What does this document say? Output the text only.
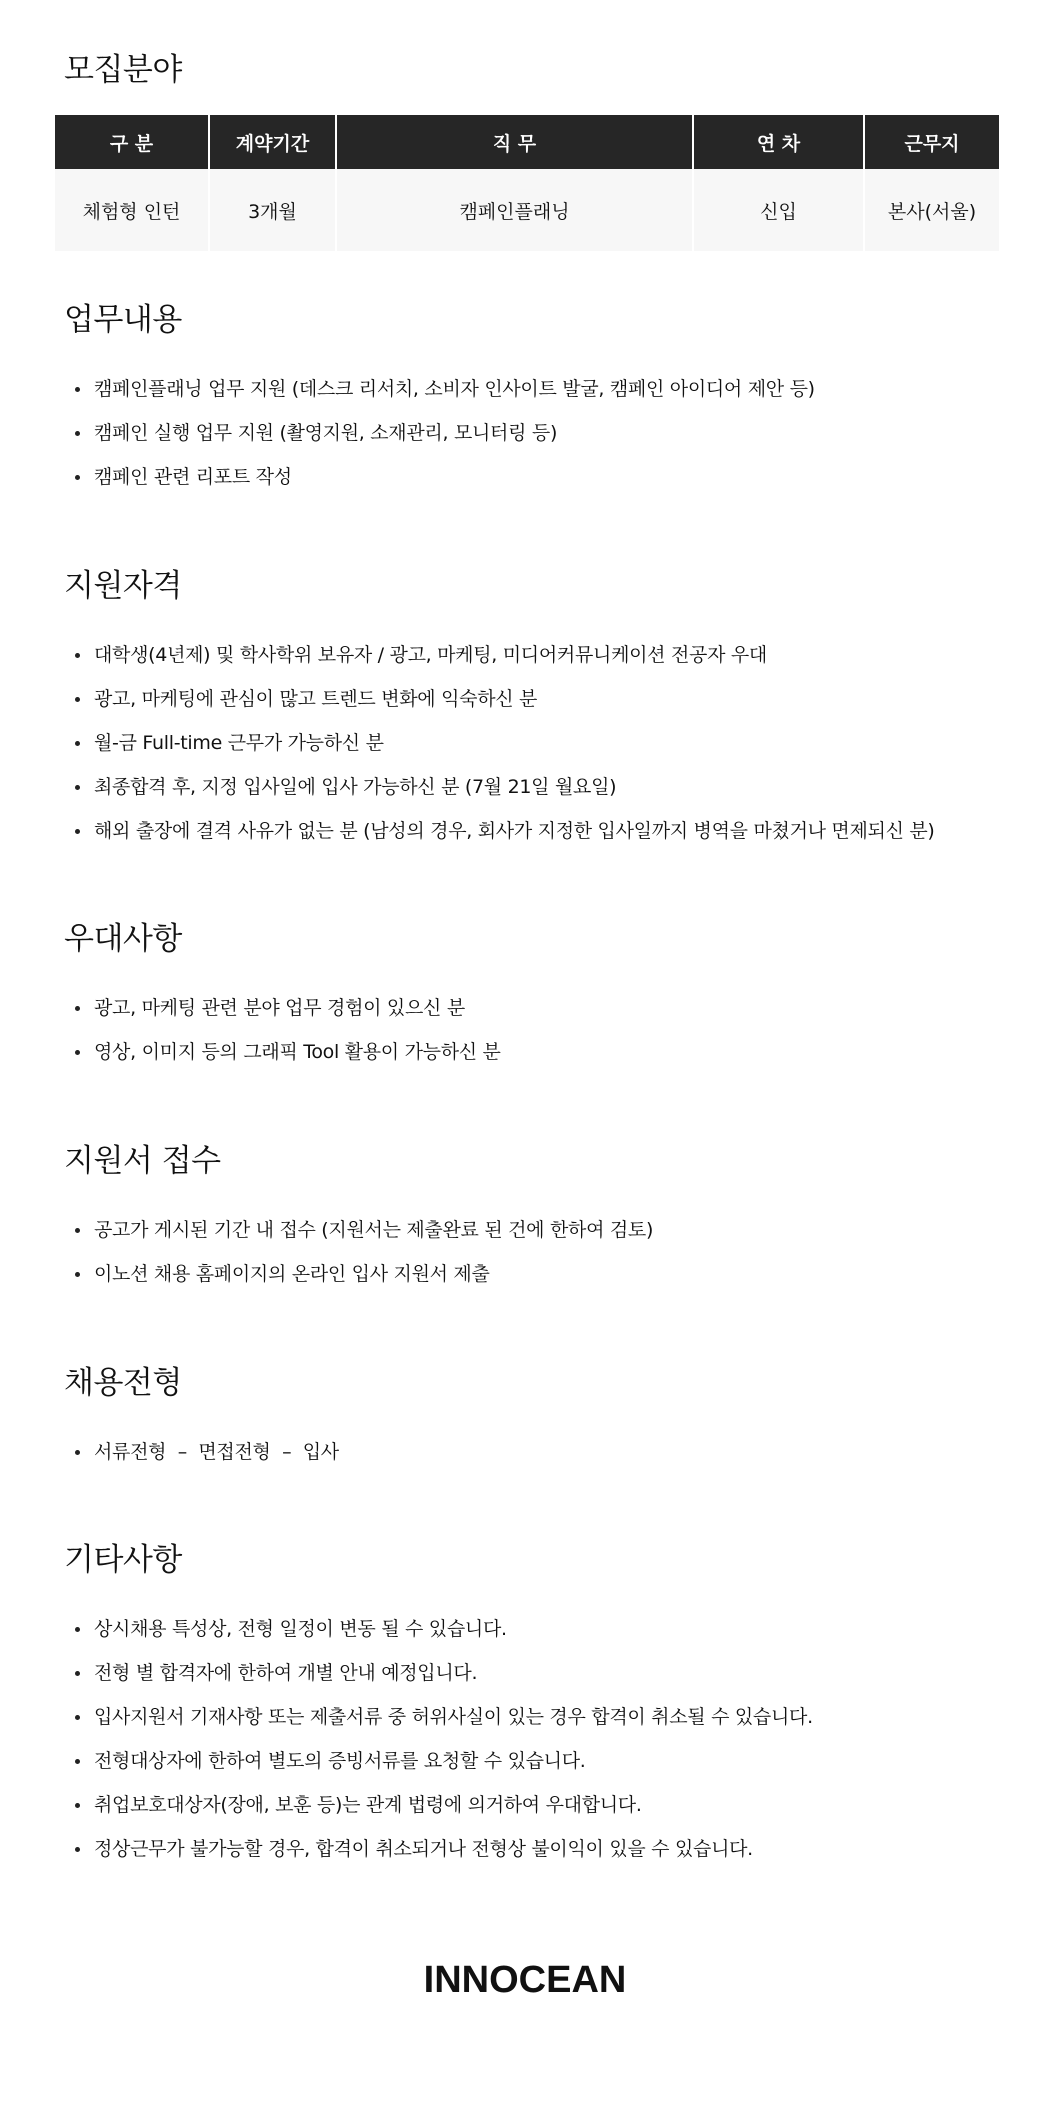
모집분야
구 분	계약기간	직 무	연 차	근무지
체험형 인턴	3개월	캠페인플래닝	신입	본사(서울)
업무내용
캠페인플래닝 업무 지원 (데스크 리서치, 소비자 인사이트 발굴, 캠페인 아이디어 제안 등)
캠페인 실행 업무 지원 (촬영지원, 소재관리, 모니터링 등)
캠페인 관련 리포트 작성
지원자격
대학생(4년제) 및 학사학위 보유자 / 광고, 마케팅, 미디어커뮤니케이션 전공자 우대
광고, 마케팅에 관심이 많고 트렌드 변화에 익숙하신 분
월-금 Full-time 근무가 가능하신 분
최종합격 후, 지정 입사일에 입사 가능하신 분 (7월 21일 월요일)
해외 출장에 결격 사유가 없는 분 (남성의 경우, 회사가 지정한 입사일까지 병역을 마쳤거나 면제되신 분)
우대사항
광고, 마케팅 관련 분야 업무 경험이 있으신 분
영상, 이미지 등의 그래픽 Tool 활용이 가능하신 분
지원서 접수
공고가 게시된 기간 내 접수 (지원서는 제출완료 된 건에 한하여 검토)
이노션 채용 홈페이지의 온라인 입사 지원서 제출
채용전형
서류전형  –  면접전형  –  입사
기타사항
상시채용 특성상, 전형 일정이 변동 될 수 있습니다.
전형 별 합격자에 한하여 개별 안내 예정입니다.
입사지원서 기재사항 또는 제출서류 중 허위사실이 있는 경우 합격이 취소될 수 있습니다.
전형대상자에 한하여 별도의 증빙서류를 요청할 수 있습니다.
취업보호대상자(장애, 보훈 등)는 관계 법령에 의거하여 우대합니다.
정상근무가 불가능할 경우, 합격이 취소되거나 전형상 불이익이 있을 수 있습니다.
INNOCEAN
